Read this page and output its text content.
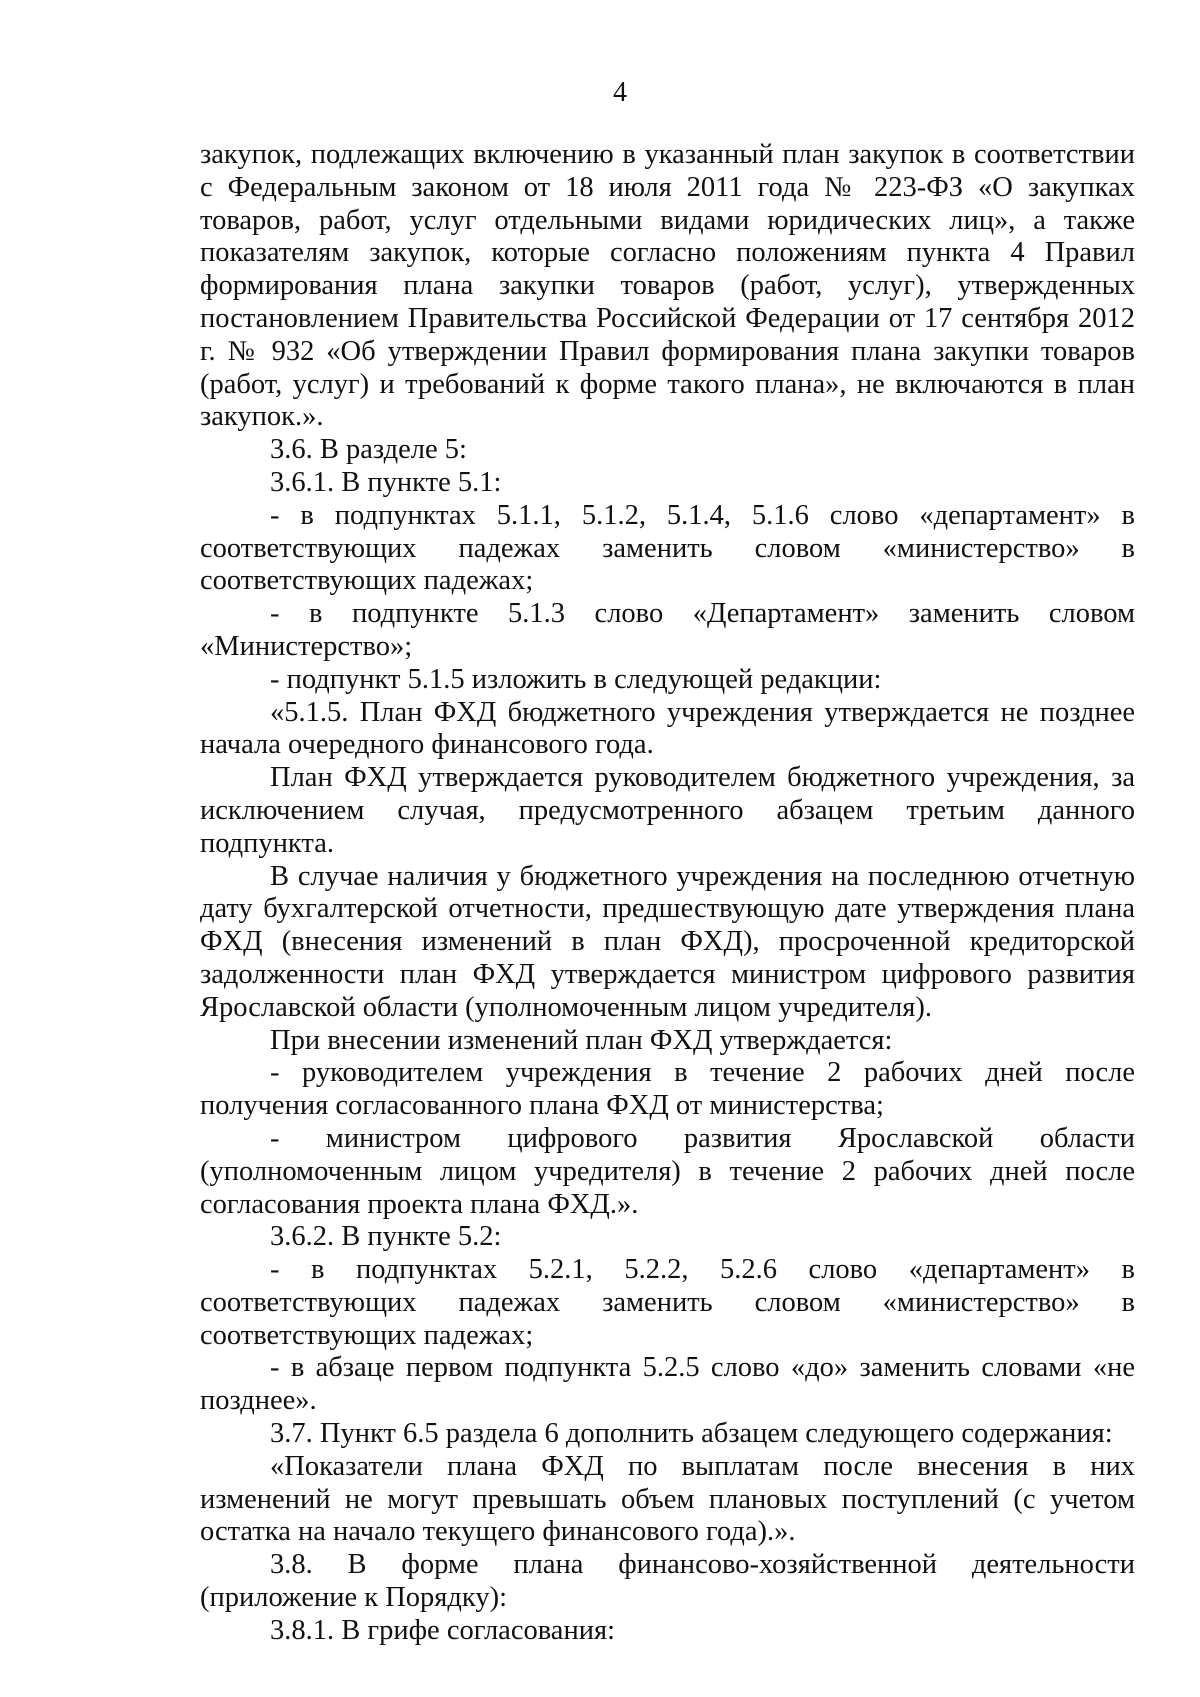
4

закупок, подлежащих включению в указанный план закупок в соответствии с Федеральным законом от 18 июля 2011 года № 223-ФЗ «О закупках товаров, работ, услуг отдельными видами юридических лиц», а также показателям закупок, которые согласно положениям пункта 4 Правил формирования плана закупки товаров (работ, услуг), утвержденных постановлением Правительства Российской Федерации от 17 сентября 2012 г. № 932 «Об утверждении Правил формирования плана закупки товаров (работ, услуг) и требований к форме такого плана», не включаются в план закупок.».

3.6. В разделе 5:

3.6.1. В пункте 5.1:

- в подпунктах 5.1.1, 5.1.2, 5.1.4, 5.1.6 слово «департамент» в соответствующих падежах заменить словом «министерство» в соответствующих падежах;

- в подпункте 5.1.3 слово «Департамент» заменить словом «Министерство»;

- подпункт 5.1.5 изложить в следующей редакции:

«5.1.5. План ФХД бюджетного учреждения утверждается не позднее начала очередного финансового года.

План ФХД утверждается руководителем бюджетного учреждения, за исключением случая, предусмотренного абзацем третьим данного подпункта.

В случае наличия у бюджетного учреждения на последнюю отчетную дату бухгалтерской отчетности, предшествующую дате утверждения плана ФХД (внесения изменений в план ФХД), просроченной кредиторской задолженности план ФХД утверждается министром цифрового развития Ярославской области (уполномоченным лицом учредителя).

При внесении изменений план ФХД утверждается:

- руководителем учреждения в течение 2 рабочих дней после получения согласованного плана ФХД от министерства;

- министром цифрового развития Ярославской области (уполномоченным лицом учредителя) в течение 2 рабочих дней после согласования проекта плана ФХД.».

3.6.2. В пункте 5.2:

- в подпунктах 5.2.1, 5.2.2, 5.2.6 слово «департамент» в соответствующих падежах заменить словом «министерство» в соответствующих падежах;

- в абзаце первом подпункта 5.2.5 слово «до» заменить словами «не позднее».

3.7. Пункт 6.5 раздела 6 дополнить абзацем следующего содержания:

«Показатели плана ФХД по выплатам после внесения в них изменений не могут превышать объем плановых поступлений (с учетом остатка на начало текущего финансового года).».

3.8. В форме плана финансово-хозяйственной деятельности (приложение к Порядку):

3.8.1. В грифе согласования:
